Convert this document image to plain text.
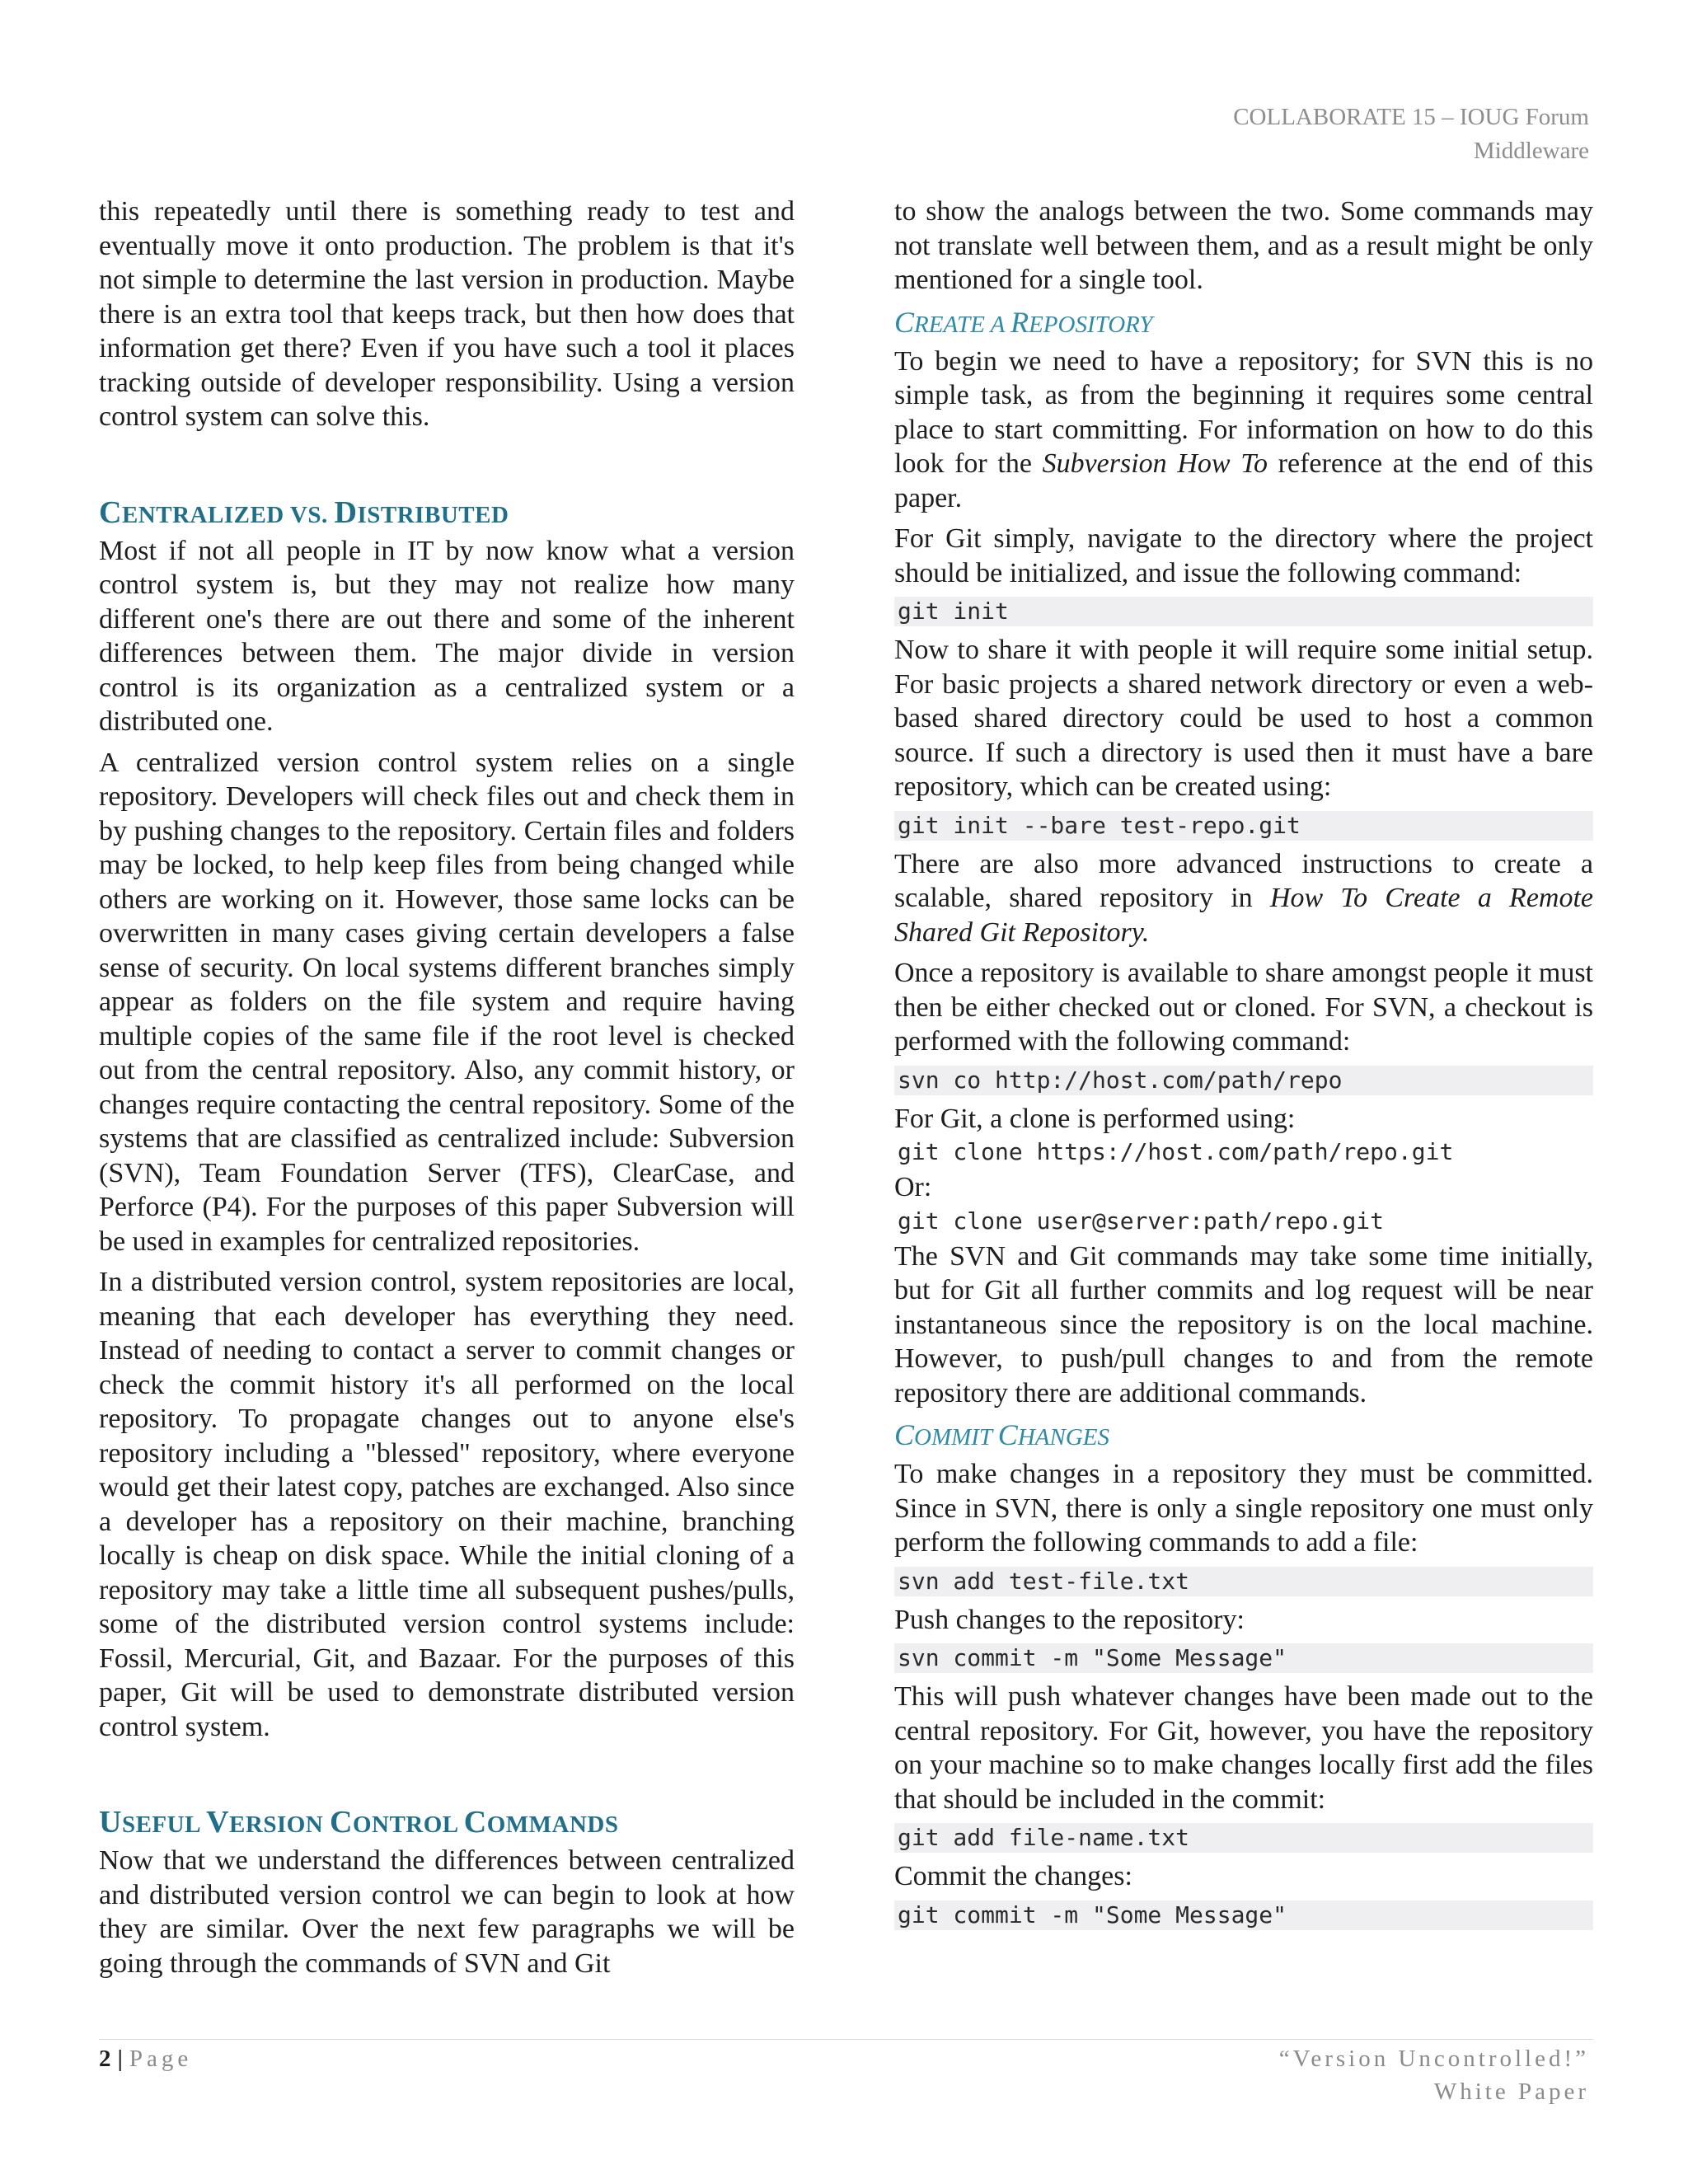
COLLABORATE 15 – IOUG Forum
Middleware

this repeatedly until there is something ready to test and eventually move it onto production. The problem is that it's not simple to determine the last version in production. Maybe there is an extra tool that keeps track, but then how does that information get there? Even if you have such a tool it places tracking outside of developer responsibility. Using a version control system can solve this.

CENTRALIZED VS. DISTRIBUTED

Most if not all people in IT by now know what a version control system is, but they may not realize how many different one's there are out there and some of the inherent differences between them. The major divide in version control is its organization as a centralized system or a distributed one.

A centralized version control system relies on a single repository. Developers will check files out and check them in by pushing changes to the repository. Certain files and folders may be locked, to help keep files from being changed while others are working on it. However, those same locks can be overwritten in many cases giving certain developers a false sense of security. On local systems different branches simply appear as folders on the file system and require having multiple copies of the same file if the root level is checked out from the central repository. Also, any commit history, or changes require contacting the central repository. Some of the systems that are classified as centralized include: Subversion (SVN), Team Foundation Server (TFS), ClearCase, and Perforce (P4). For the purposes of this paper Subversion will be used in examples for centralized repositories.

In a distributed version control, system repositories are local, meaning that each developer has everything they need. Instead of needing to contact a server to commit changes or check the commit history it's all performed on the local repository. To propagate changes out to anyone else's repository including a "blessed" repository, where everyone would get their latest copy, patches are exchanged. Also since a developer has a repository on their machine, branching locally is cheap on disk space. While the initial cloning of a repository may take a little time all subsequent pushes/pulls, some of the distributed version control systems include: Fossil, Mercurial, Git, and Bazaar. For the purposes of this paper, Git will be used to demonstrate distributed version control system.

USEFUL VERSION CONTROL COMMANDS

Now that we understand the differences between centralized and distributed version control we can begin to look at how they are similar. Over the next few paragraphs we will be going through the commands of SVN and Git

to show the analogs between the two. Some commands may not translate well between them, and as a result might be only mentioned for a single tool.

CREATE A REPOSITORY

To begin we need to have a repository; for SVN this is no simple task, as from the beginning it requires some central place to start committing. For information on how to do this look for the Subversion How To reference at the end of this paper.

For Git simply, navigate to the directory where the project should be initialized, and issue the following command:

git init

Now to share it with people it will require some initial setup. For basic projects a shared network directory or even a web-based shared directory could be used to host a common source. If such a directory is used then it must have a bare repository, which can be created using:

git init --bare test-repo.git

There are also more advanced instructions to create a scalable, shared repository in How To Create a Remote Shared Git Repository.

Once a repository is available to share amongst people it must then be either checked out or cloned. For SVN, a checkout is performed with the following command:

svn co http://host.com/path/repo

For Git, a clone is performed using:

git clone https://host.com/path/repo.git

Or:

git clone user@server:path/repo.git

The SVN and Git commands may take some time initially, but for Git all further commits and log request will be near instantaneous since the repository is on the local machine. However, to push/pull changes to and from the remote repository there are additional commands.

COMMIT CHANGES

To make changes in a repository they must be committed. Since in SVN, there is only a single repository one must only perform the following commands to add a file:

svn add test-file.txt

Push changes to the repository:

svn commit -m "Some Message"

This will push whatever changes have been made out to the central repository. For Git, however, you have the repository on your machine so to make changes locally first add the files that should be included in the commit:

git add file-name.txt

Commit the changes:

git commit -m "Some Message"
2 | Page	“Version Uncontrolled!”
White Paper
